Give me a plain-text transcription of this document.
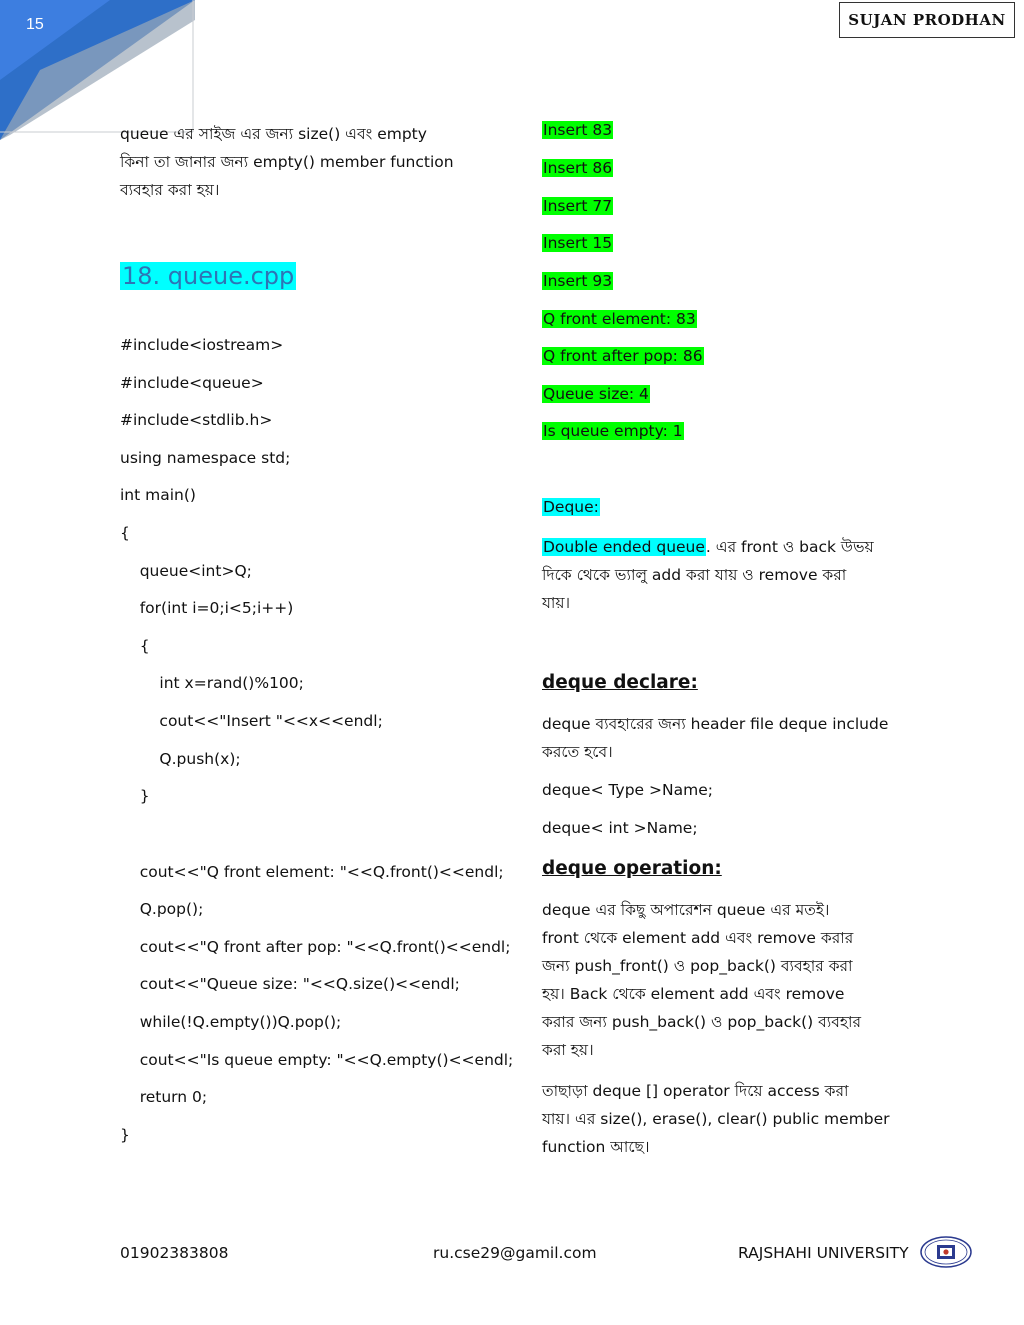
15	SUJAN PRODHAN

queue এর সাইজ এর জন্য size() এবং empty
কিনা তা জানার জন্য empty() member function
ব্যবহার করা হয়।

18. queue.cpp
#include<iostream>
#include<queue>
#include<stdlib.h>
using namespace std;
int main()
{
queue<int>Q;
for(int i=0;i<5;i++)
{
int x=rand()%100;
cout<<"Insert "<<x<<endl;
Q.push(x);
}
cout<<"Q front element: "<<Q.front()<<endl;
Q.pop();
cout<<"Q front after pop: "<<Q.front()<<endl;
cout<<"Queue size: "<<Q.size()<<endl;
while(!Q.empty())Q.pop();
cout<<"Is queue empty: "<<Q.empty()<<endl;
return 0;
}
Insert 83
Insert 86
Insert 77
Insert 15
Insert 93
Q front element: 83
Q front after pop: 86
Queue size: 4
Is queue empty: 1
Deque:

Double ended queue. এর front ও back উভয়
দিকে থেকে ভ্যালু add করা যায় ও remove করা
যায়।

deque declare:

deque ব্যবহারের জন্য header file deque include
করতে হবে।

deque< Type >Name;
deque< int >Name;
deque operation:

deque এর কিছু অপারেশন queue এর মতই।
front থেকে element add এবং remove করার
জন্য push_front() ও pop_back() ব্যবহার করা
হয়। Back থেকে element add এবং remove
করার জন্য push_back() ও pop_back() ব্যবহার
করা হয়।

তাছাড়া deque [] operator দিয়ে access করা
যায়। এর size(), erase(), clear() public member
function আছে।

01902383808	ru.cse29@gamil.com	RAJSHAHI UNIVERSITY
